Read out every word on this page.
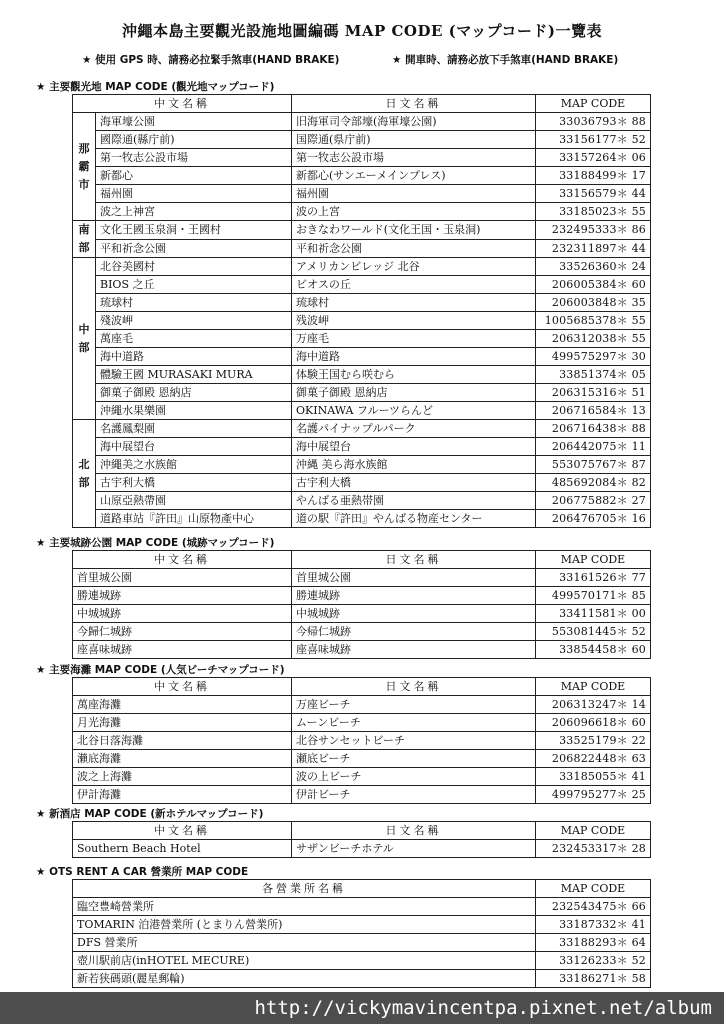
沖繩本島主要觀光設施地圖編碼 MAP CODE (マップコード)一覽表
★ 使用 GPS 時、請務必拉緊手煞車(HAND BRAKE)	★ 開車時、請務必放下手煞車(HAND BRAKE)
★ 主要觀光地 MAP CODE (觀光地マップコード)
中文名稱		日文名稱	MAP CODE
那霸市	海軍壕公園	旧海軍司令部壕(海軍壕公園)	33036793＊ 88
	國際通(縣庁前)	国際通(県庁前)	33156177＊ 52
	第一牧志公設市場	第一牧志公設市場	33157264＊ 06
	新都心	新都心(サンエーメインプレス)	33188499＊ 17
	福州園	福州園	33156579＊ 44
	波之上神宮	波の上宮	33185023＊ 55
南部	文化王國玉泉洞・王國村	おきなわワールド(文化王国・玉泉洞)	232495333＊ 86
	平和祈念公園	平和祈念公園	232311897＊ 44
中部	北谷美國村	アメリカンビレッジ 北谷	33526360＊ 24
	BIOS 之丘	ビオスの丘	206005384＊ 60
	琉球村	琉球村	206003848＊ 35
	殘波岬	残波岬	1005685378＊ 55
	萬座毛	万座毛	206312038＊ 55
	海中道路	海中道路	499575297＊ 30
	體驗王國 MURASAKI MURA	体験王国むら咲むら	33851374＊ 05
	御菓子御殿 恩納店	御菓子御殿 恩納店	206315316＊ 51
	沖繩水果樂園	OKINAWA フルーツらんど	206716584＊ 13
北部	名護鳳梨園	名護パイナップルパーク	206716438＊ 88
	海中展望台	海中展望台	206442075＊ 11
	沖繩美之水族館	沖縄 美ら海水族館	553075767＊ 87
	古宇利大橋	古宇利大橋	485692084＊ 82
	山原亞熱帶園	やんばる亜熱帯園	206775882＊ 27
	道路車站『許田』山原物產中心	道の駅『許田』やんばる物産センター	206476705＊ 16
★ 主要城跡公園 MAP CODE (城跡マップコード)
中文名稱	日文名稱	MAP CODE
首里城公園	首里城公園	33161526＊ 77
勝連城跡	勝連城跡	499570171＊ 85
中城城跡	中城城跡	33411581＊ 00
今歸仁城跡	今帰仁城跡	553081445＊ 52
座喜味城跡	座喜味城跡	33854458＊ 60
★ 主要海灘 MAP CODE (人気ビーチマップコード)
中文名稱	日文名稱	MAP CODE
萬座海灘	万座ビーチ	206313247＊ 14
月光海灘	ムーンビーチ	206096618＊ 60
北谷日落海灘	北谷サンセットビーチ	33525179＊ 22
瀨底海灘	瀬底ビーチ	206822448＊ 63
波之上海灘	波の上ビーチ	33185055＊ 41
伊計海灘	伊計ビーチ	499795277＊ 25
★ 新酒店 MAP CODE (新ホテルマップコード)
中文名稱	日文名稱	MAP CODE
Southern Beach Hotel	サザンビーチホテル	232453317＊ 28
★ OTS RENT A CAR 營業所 MAP CODE
各營業所名稱	MAP CODE
臨空豊崎營業所	232543475＊ 66
TOMARIN 泊港營業所 (とまりん營業所)	33187332＊ 41
DFS 營業所	33188293＊ 64
壺川駅前店(inHOTEL MECURE)	33126233＊ 52
新若狭碼頭(麗星郵輪)	33186271＊ 58
http://vickymavincentpa.pixnet.net/album
